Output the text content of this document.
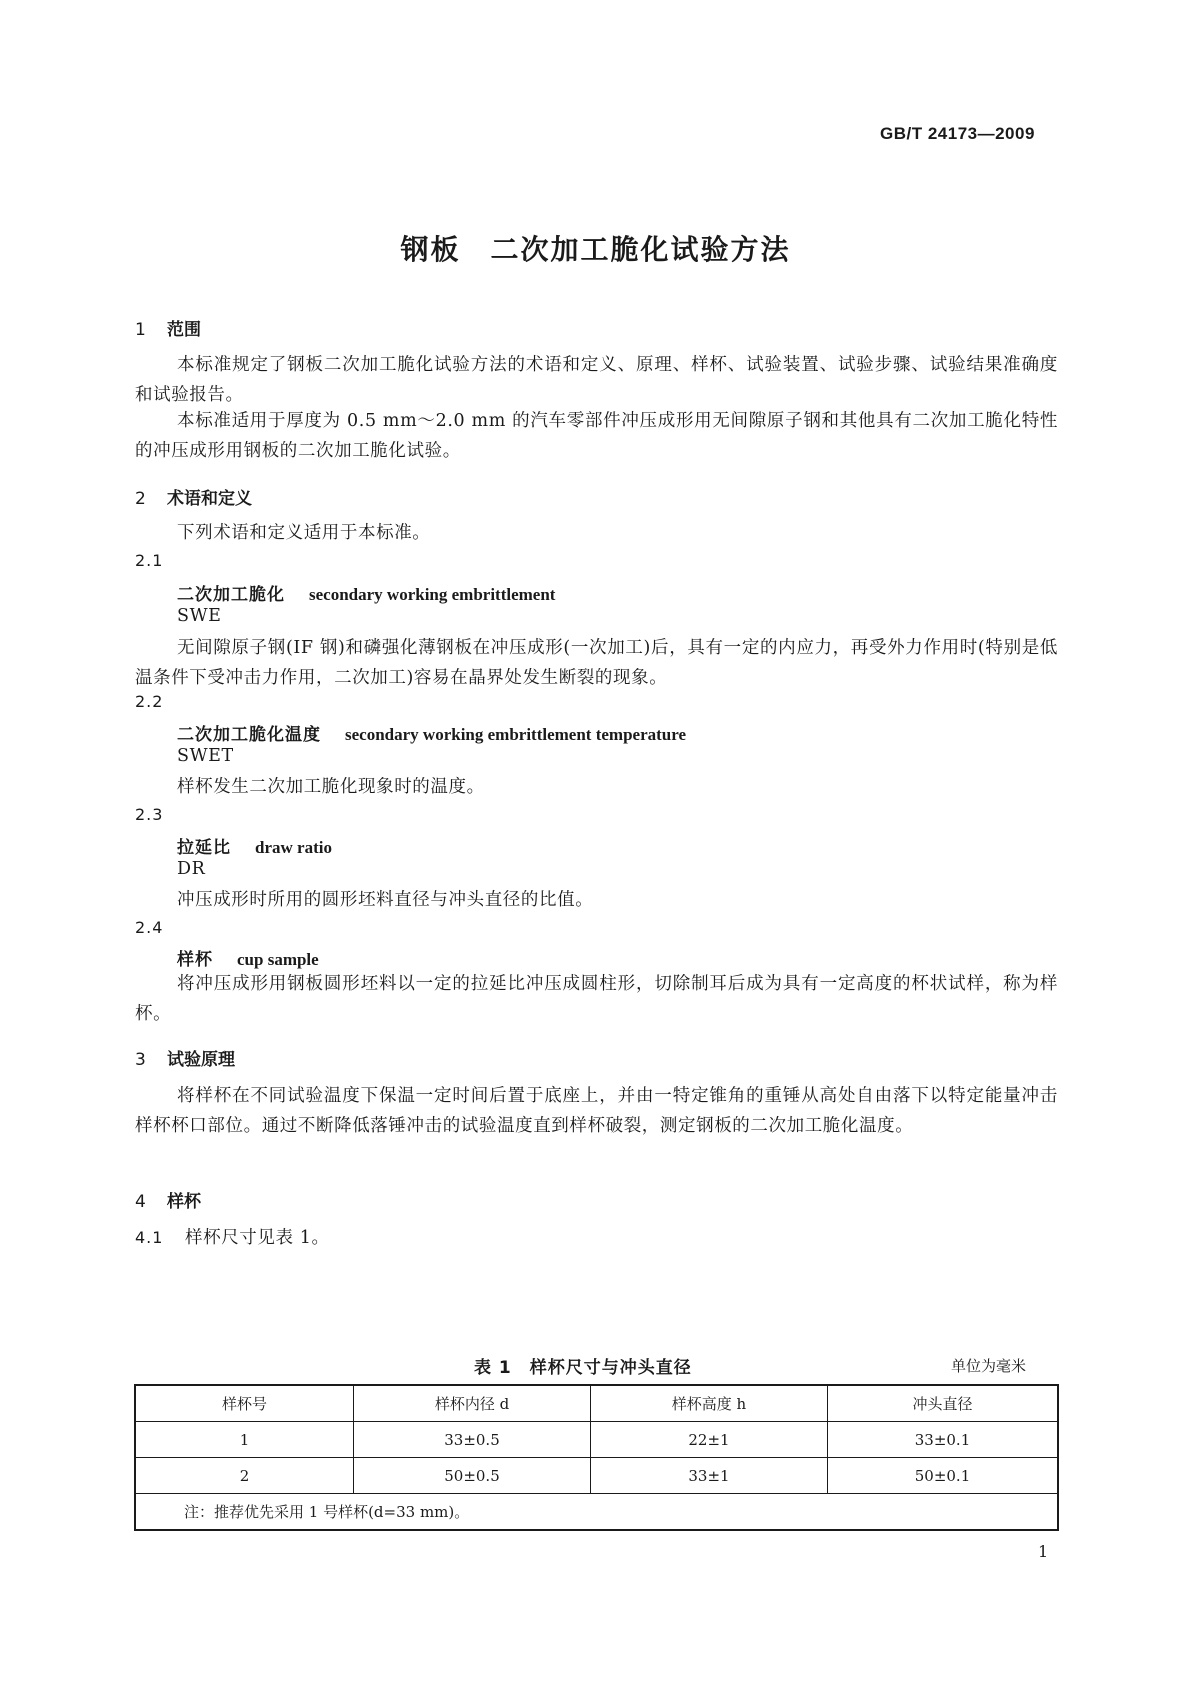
GB/T 24173—2009
钢板　二次加工脆化试验方法
1 范围
本标准规定了钢板二次加工脆化试验方法的术语和定义、原理、样杯、试验装置、试验步骤、试验结果准确度和试验报告。
本标准适用于厚度为 0.5 mm～2.0 mm 的汽车零部件冲压成形用无间隙原子钢和其他具有二次加工脆化特性的冲压成形用钢板的二次加工脆化试验。
2 术语和定义
下列术语和定义适用于本标准。
2.1
二次加工脆化 secondary working embrittlement
SWE
无间隙原子钢(IF 钢)和磷强化薄钢板在冲压成形(一次加工)后，具有一定的内应力，再受外力作用时(特别是低温条件下受冲击力作用，二次加工)容易在晶界处发生断裂的现象。
2.2
二次加工脆化温度 secondary working embrittlement temperature
SWET
样杯发生二次加工脆化现象时的温度。
2.3
拉延比 draw ratio
DR
冲压成形时所用的圆形坯料直径与冲头直径的比值。
2.4
样杯 cup sample
将冲压成形用钢板圆形坯料以一定的拉延比冲压成圆柱形，切除制耳后成为具有一定高度的杯状试样，称为样杯。
3 试验原理
将样杯在不同试验温度下保温一定时间后置于底座上，并由一特定锥角的重锤从高处自由落下以特定能量冲击样杯杯口部位。通过不断降低落锤冲击的试验温度直到样杯破裂，测定钢板的二次加工脆化温度。
4 样杯
4.1 样杯尺寸见表 1。
表 1　样杯尺寸与冲头直径	单位为毫米
样杯号	样杯内径 d	样杯高度 h	冲头直径
1	33±0.5	22±1	33±0.1
2	50±0.5	33±1	50±0.1
注：推荐优先采用 1 号样杯(d=33 mm)。			
1
